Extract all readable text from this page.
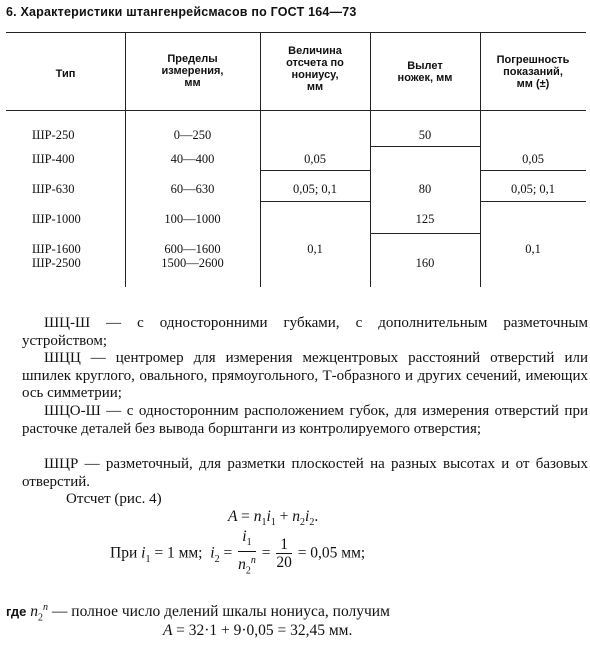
6. Характеристики штангенрейсмасов по ГОСТ 164—73
Тип
Пределы
измерения,
мм
Величина
отсчета по
нониусу,
мм
Вылет
ножек, мм
Погрешность
показаний,
мм (±)
ШР-250
ШР-400
ШР-630
ШР-1000
ШР-1600
ШР-2500
0—250
40—400
60—630
100—1000
600—1600
1500—2600
0,05
0,05; 0,1
0,1
50
80
125
160
0,05
0,05; 0,1
0,1
ШЦ-Ш — с односторонними губками, с дополнительным разметочным устройством;
ШЦЦ — центромер для измерения межцентровых расстояний отверстий или шпилек круглого, овального, прямоугольного, Т-образного и других сечений, имеющих ось симметрии;
ШЦО-Ш — с односторонним расположением губок, для измерения отверстий при расточке деталей без вывода борштанги из контролируемого отверстия;
ШЦР — разметочный, для разметки плоскостей на разных высотах и от базовых отверстий.
Отсчет (рис. 4)
$A = n_1i_1 + n_2i_2$.
При $i_1 = 1$ мм; $i_2 = \frac{i_1}{n_2^n} = \frac{1}{20} = 0,05$ мм;
где $n_2^n$ — полное число делений шкалы нониуса, получим
A = 32·1 + 9·0,05 = 32,45 мм.
